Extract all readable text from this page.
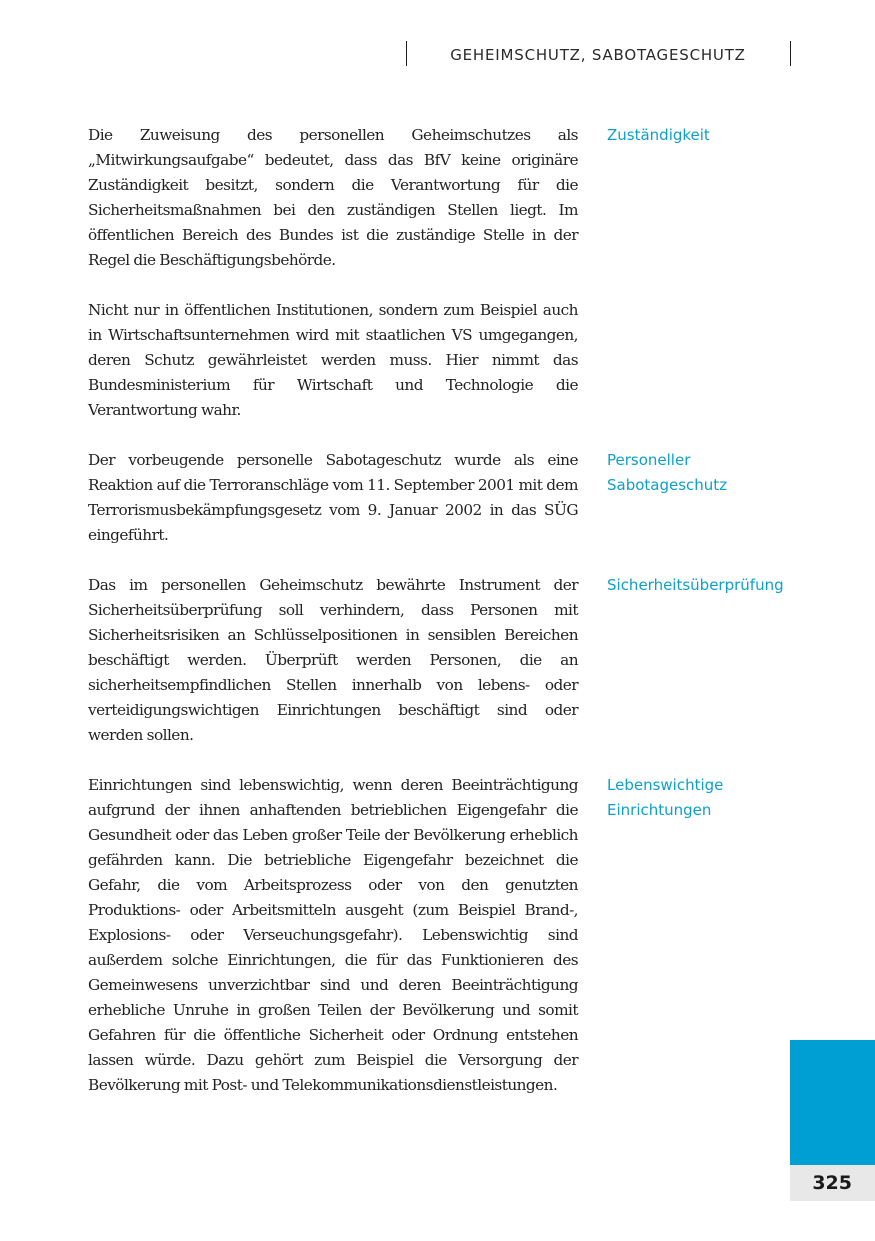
GEHEIMSCHUTZ, SABOTAGESCHUTZ

Die Zuweisung des personellen Geheimschutzes als „Mitwirkungsaufgabe“ bedeutet, dass das BfV keine originäre Zuständigkeit besitzt, sondern die Verantwortung für die Sicherheitsmaßnahmen bei den zuständigen Stellen liegt. Im öffentlichen Bereich des Bundes ist die zuständige Stelle in der Regel die Beschäftigungsbehörde.

Nicht nur in öffentlichen Institutionen, sondern zum Beispiel auch in Wirtschaftsunternehmen wird mit staatlichen VS umgegangen, deren Schutz gewährleistet werden muss. Hier nimmt das Bundesministerium für Wirtschaft und Technologie die Verantwortung wahr.

Der vorbeugende personelle Sabotageschutz wurde als eine Reaktion auf die Terroranschläge vom 11. September 2001 mit dem Terrorismusbekämpfungsgesetz vom 9. Januar 2002 in das SÜG eingeführt.

Das im personellen Geheimschutz bewährte Instrument der Sicherheitsüberprüfung soll verhindern, dass Personen mit Sicherheitsrisiken an Schlüsselpositionen in sensiblen Bereichen beschäftigt werden. Überprüft werden Personen, die an sicherheitsempfindlichen Stellen innerhalb von lebens- oder verteidigungswichtigen Einrichtungen beschäftigt sind oder werden sollen.

Einrichtungen sind lebenswichtig, wenn deren Beeinträchtigung aufgrund der ihnen anhaftenden betrieblichen Eigengefahr die Gesundheit oder das Leben großer Teile der Bevölkerung erheblich gefährden kann. Die betriebliche Eigengefahr bezeichnet die Gefahr, die vom Arbeitsprozess oder von den genutzten Produktions- oder Arbeitsmitteln ausgeht (zum Beispiel Brand-, Explosions- oder Verseuchungsgefahr). Lebenswichtig sind außerdem solche Einrichtungen, die für das Funktionieren des Gemeinwesens unverzichtbar sind und deren Beeinträchtigung erhebliche Unruhe in großen Teilen der Bevölkerung und somit Gefahren für die öffentliche Sicherheit oder Ordnung entstehen lassen würde. Dazu gehört zum Beispiel die Versorgung der Bevölkerung mit Post- und Telekommunikationsdienstleistungen.

Zuständigkeit

Personeller Sabotageschutz

Sicherheitsüberprüfung

Lebenswichtige Einrichtungen

325
